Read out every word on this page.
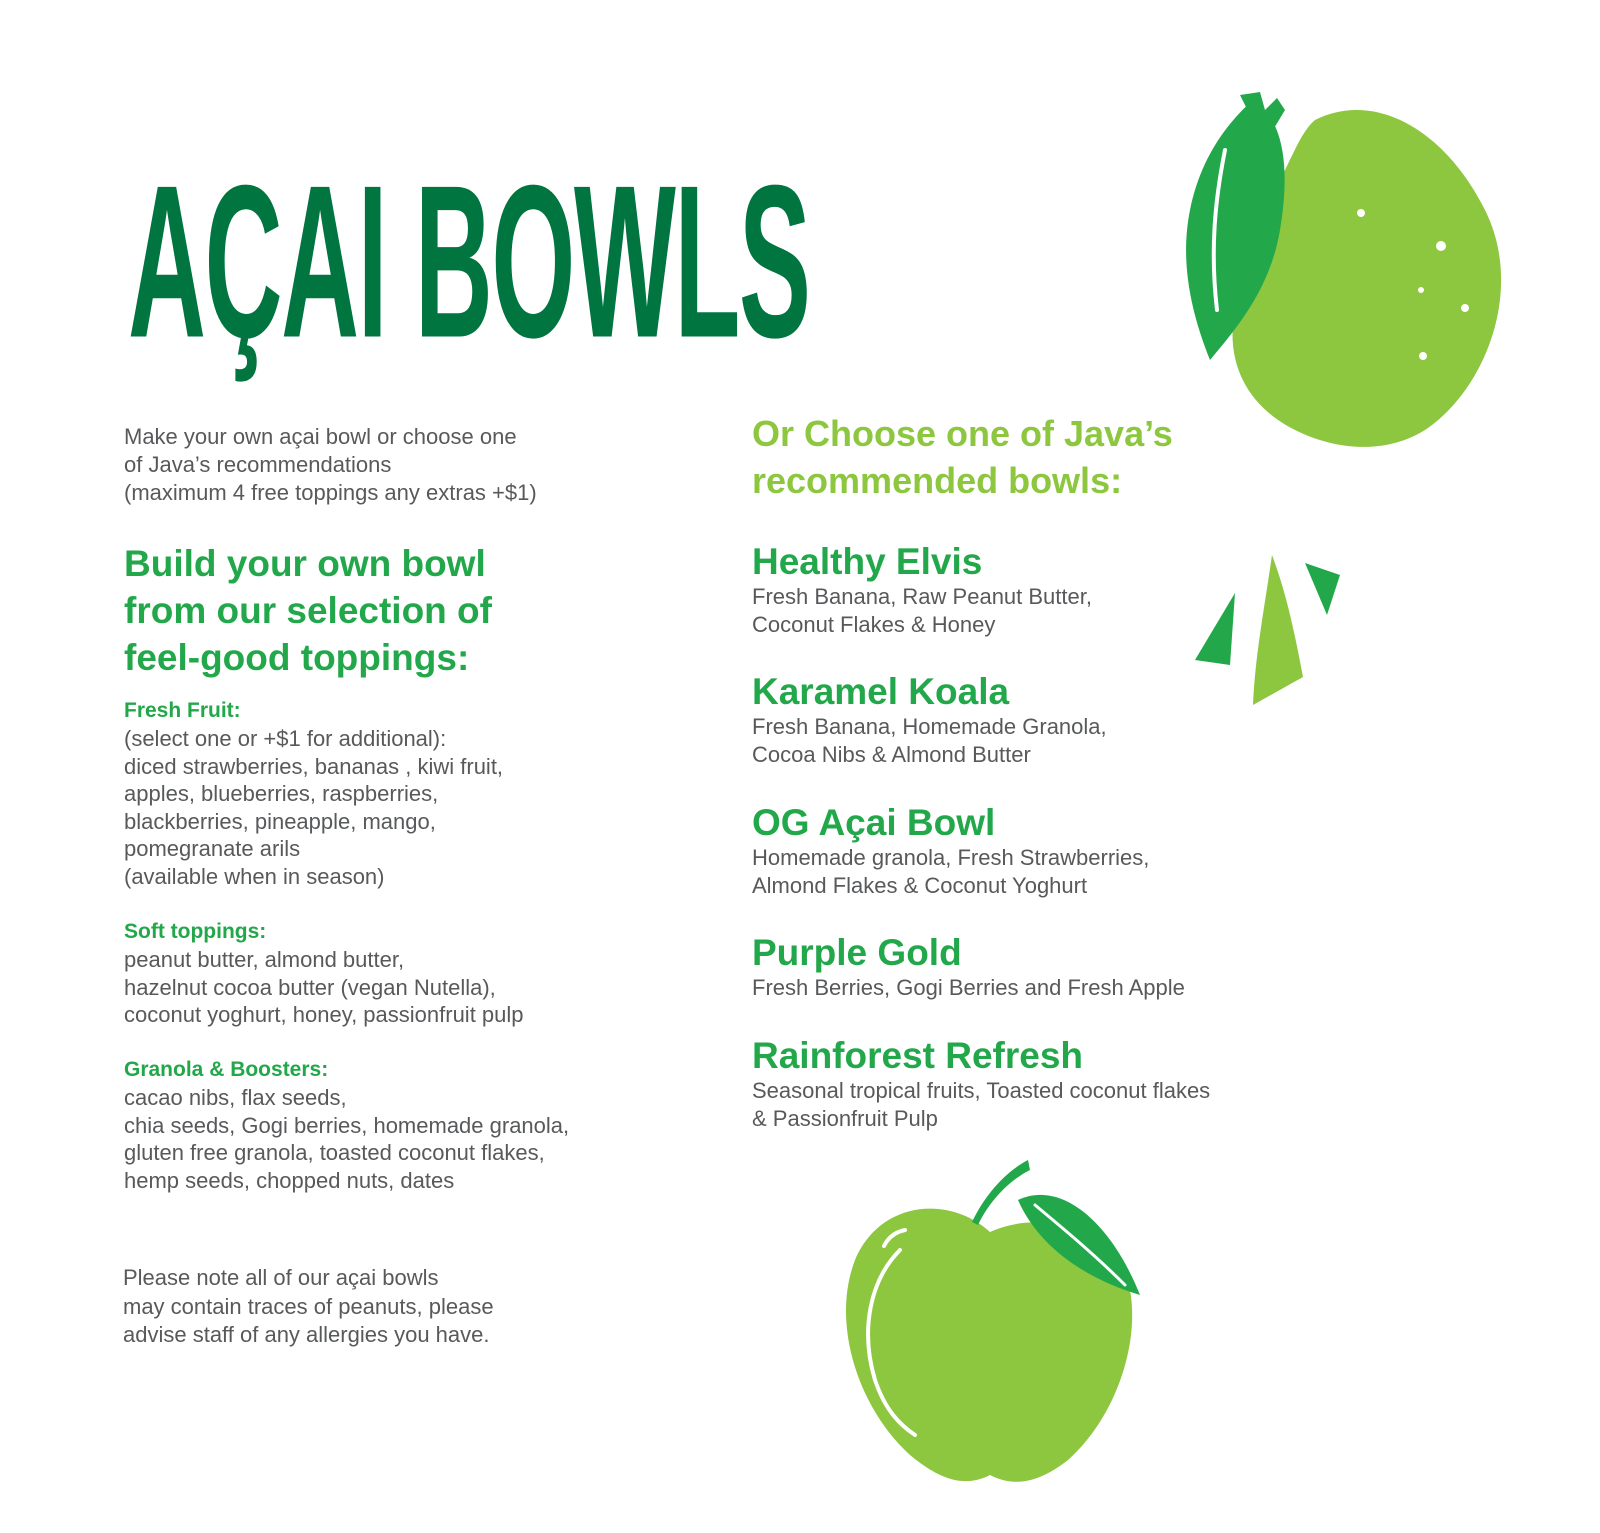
AÇAI BOWLS
Make your own açai bowl or choose one
of Java’s recommendations
(maximum 4 free toppings any extras +$1)
Build your own bowl
from our selection of
feel-good toppings:
Fresh Fruit:
(select one or +$1 for additional):
diced strawberries, bananas , kiwi fruit,
apples, blueberries, raspberries,
blackberries, pineapple, mango,
pomegranate arils
(available when in season)
Soft toppings:
peanut butter, almond butter,
hazelnut cocoa butter (vegan Nutella),
coconut yoghurt, honey, passionfruit pulp
Granola & Boosters:
cacao nibs, flax seeds,
chia seeds, Gogi berries, homemade granola,
gluten free granola, toasted coconut flakes,
hemp seeds, chopped nuts, dates
Please note all of our açai bowls
may contain traces of peanuts, please
advise staff of any allergies you have.
Or Choose one of Java’s
recommended bowls:
Healthy Elvis
Fresh Banana, Raw Peanut Butter,
Coconut Flakes & Honey
Karamel Koala
Fresh Banana, Homemade Granola,
Cocoa Nibs & Almond Butter
OG Açai Bowl
Homemade granola, Fresh Strawberries,
Almond Flakes & Coconut Yoghurt
Purple Gold
Fresh Berries, Gogi Berries and Fresh Apple
Rainforest Refresh
Seasonal tropical fruits, Toasted coconut flakes
& Passionfruit Pulp
